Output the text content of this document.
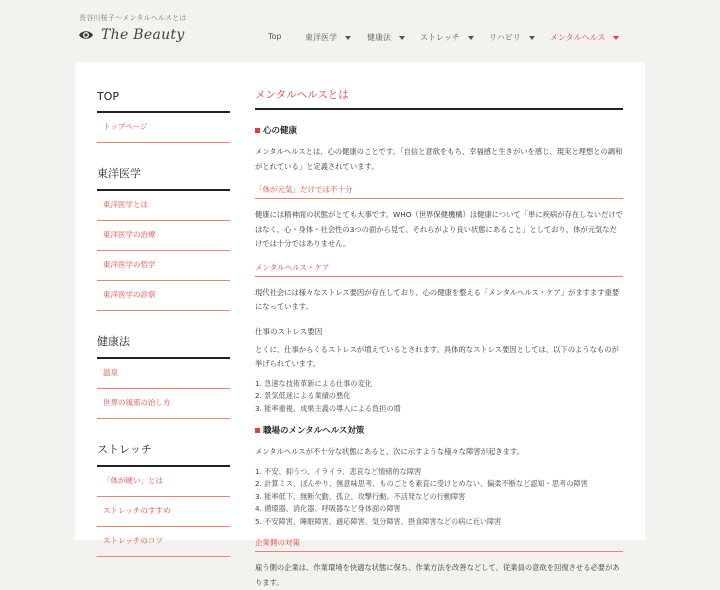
長谷川桜子～メンタルヘルスとは
The Beauty	Top	東洋医学	健康法	ストレッチ	リハビリ	メンタルヘルス
TOP
トップページ
東洋医学
東洋医学とは
東洋医学の治療
東洋医学の哲学
東洋医学の診察
健康法
温泉
世界の風邪の治し方
ストレッチ
「体が硬い」とは
ストレッチのすすめ
ストレッチのコツ
メンタルヘルスとは
心の健康

メンタルヘルスとは、心の健康のことです。「自信と意欲をもち、幸福感と生きがいを感じ、現実と理想との調和がとれている」と定義されています。

「体が元気」だけでは不十分

健康には精神面の状態がとても大事です。WHO（世界保健機構）は健康について「単に疾病が存在しないだけではなく、心・身体・社会性の3つの面から見て、それらがより良い状態にあること」としており、体が元気なだけでは十分ではありません。

メンタルヘルス・ケア

現代社会には様々なストレス要因が存在しており、心の健康を整える「メンタルヘルス・ケア」がますます重要になっています。

仕事のストレス要因

とくに、仕事からくるストレスが増えているとされます。具体的なストレス要因としては、以下のようなものが挙げられています。

1. 急速な技術革新による仕事の変化
2. 景気低迷による業績の悪化
3. 能率重視、成果主義の導入による負担の増
職場のメンタルヘルス対策

メンタルヘルスが不十分な状態にあると、次に示すような様々な障害が起きます。

1. 不安、抑うつ、イライラ、悲哀など情緒的な障害
2. 計算ミス、ぼんやり、無意味思考、ものごとを素直に受けとめない、偏柔不断など認知・思考の障害
3. 能率低下、無断欠勤、孤立、攻撃行動、不活発などの行動障害
4. 循環器、消化器、呼吸器など身体面の障害
5. 不安障害、睡眠障害、適応障害、気分障害、摂食障害などの病に近い障害
企業側の対策

雇う側の企業は、作業環境を快適な状態に保ち、作業方法を改善などして、従業員の意欲を回復させる必要があります。
